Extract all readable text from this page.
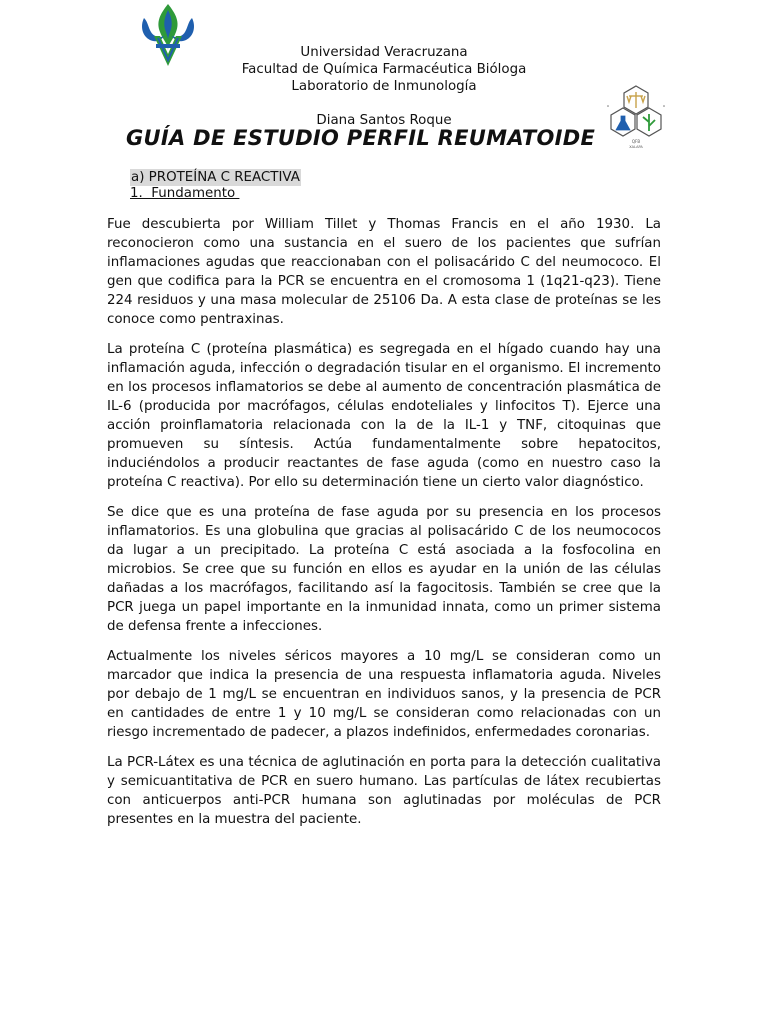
QFB
XALAPA
Universidad Veracruzana
Facultad de Química Farmacéutica Bióloga
Laboratorio de Inmunología
Diana Santos Roque
GUÍA DE ESTUDIO PERFIL REUMATOIDE
a) PROTEÍNA C REACTIVA
1.  Fundamento

Fue descubierta por William Tillet y Thomas Francis en el año 1930. La reconocieron como una sustancia en el suero de los pacientes que sufrían inflamaciones agudas que reaccionaban con el polisacárido C del neumococo. El gen que codifica para la PCR se encuentra en el cromosoma 1 (1q21-q23). Tiene 224 residuos y una masa molecular de 25106 Da. A esta clase de proteínas se les conoce como pentraxinas.

La proteína C (proteína plasmática) es segregada en el hígado cuando hay una inflamación aguda, infección o degradación tisular en el organismo. El incremento en los procesos inflamatorios se debe al aumento de concentración plasmática de IL-6 (producida por macrófagos, células endoteliales y linfocitos T). Ejerce una acción proinflamatoria relacionada con la de la IL-1 y TNF, citoquinas que promueven su síntesis. Actúa fundamentalmente sobre hepatocitos, induciéndolos a producir reactantes de fase aguda (como en nuestro caso la proteína C reactiva). Por ello su determinación tiene un cierto valor diagnóstico.

Se dice que es una proteína de fase aguda por su presencia en los procesos inflamatorios. Es una globulina que gracias al polisacárido C de los neumococos da lugar a un precipitado. La proteína C está asociada a la fosfocolina en microbios. Se cree que su función en ellos es ayudar en la unión de las células dañadas a los macrófagos, facilitando así la fagocitosis. También se cree que la PCR juega un papel importante en la inmunidad innata, como un primer sistema de defensa frente a infecciones.

Actualmente los niveles séricos mayores a 10 mg/L se consideran como un marcador que indica la presencia de una respuesta inflamatoria aguda. Niveles por debajo de 1 mg/L se encuentran en individuos sanos, y la presencia de PCR en cantidades de entre 1 y 10 mg/L se consideran como relacionadas con un riesgo incrementado de padecer, a plazos indefinidos, enfermedades coronarias.

La PCR-Látex es una técnica de aglutinación en porta para la detección cualitativa y semicuantitativa de PCR en suero humano. Las partículas de látex recubiertas con anticuerpos anti-PCR humana son aglutinadas por moléculas de PCR presentes en la muestra del paciente.
